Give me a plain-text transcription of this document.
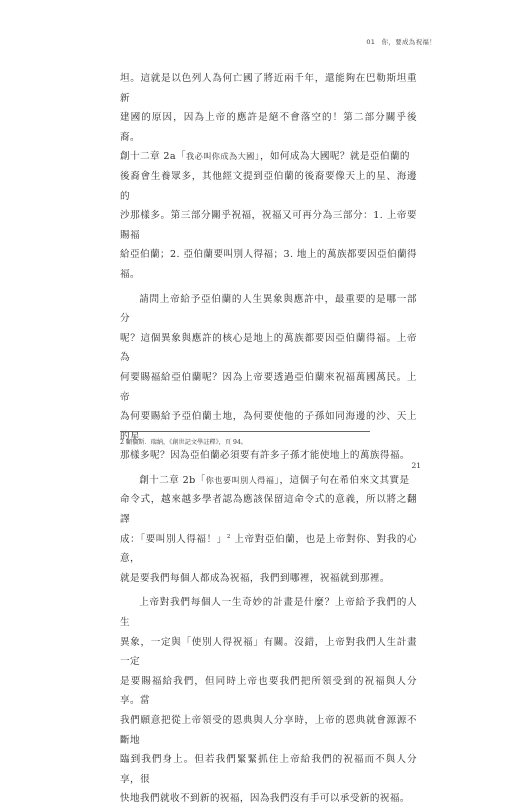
01 你，要成為祝福！

坦。這就是以色列人為何亡國了將近兩千年，還能夠在巴勒斯坦重新
建國的原因，因為上帝的應許是絕不會落空的！第二部分關乎後裔。
創十二章 2a「我必叫你成為大國」，如何成為大國呢？就是亞伯蘭的
後裔會生養眾多，其他經文提到亞伯蘭的後裔要像天上的星、海邊的
沙那樣多。第三部分關乎祝福，祝福又可再分為三部分：1. 上帝要賜福
給亞伯蘭；2. 亞伯蘭要叫別人得福；3. 地上的萬族都要因亞伯蘭得福。

請問上帝給予亞伯蘭的人生異象與應許中，最重要的是哪一部分
呢？這個異象與應許的核心是地上的萬族都要因亞伯蘭得福。上帝為
何要賜福給亞伯蘭呢？因為上帝要透過亞伯蘭來祝福萬國萬民。上帝
為何要賜給予亞伯蘭土地，為何要使他的子孫如同海邊的沙、天上的星
那樣多呢？因為亞伯蘭必須要有許多子孫才能使地上的萬族得福。

創十二章 2b「你也要叫別人得福」，這個子句在希伯來文其實是
命令式，越來越多學者認為應該保留這命令式的意義，所以將之翻譯
成：「要叫別人得福！」$^2$ 上帝對亞伯蘭，也是上帝對你、對我的心意，
就是要我們每個人都成為祝福，我們到哪裡，祝福就到那裡。

上帝對我們每個人一生奇妙的計畫是什麼？上帝給予我們的人生
異象，一定與「使別人得祝福」有關。沒錯，上帝對我們人生計畫一定
是要賜福給我們，但同時上帝也要我們把所領受到的祝福與人分享。當
我們願意把從上帝領受的恩典與人分享時，上帝的恩典就會源源不斷地
臨到我們身上。但若我們緊緊抓住上帝給我們的祝福而不與人分享，很
快地我們就收不到新的祝福，因為我們沒有手可以承受新的祝福。

2 顧倫斯．瑞納，《創世記文學註釋》，頁 94。
21
